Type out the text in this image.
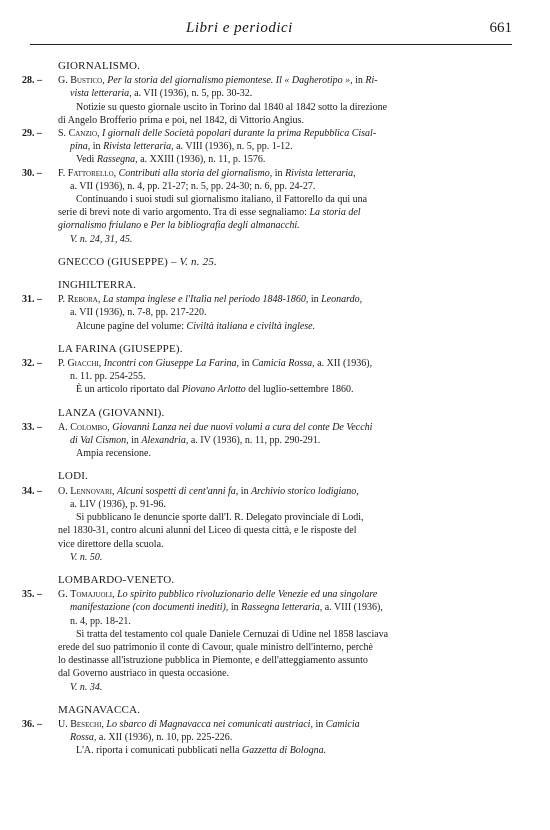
Libri e periodici	661
GIORNALISMO.
28. –	G. Bustico, Per la storia del giornalismo piemontese. Il « Dagherotipo », in Ri-
vista letteraria, a. VII (1936), n. 5, pp. 30-32.
Notizie su questo giornale uscito in Torino dal 1840 al 1842 sotto la direzione
di Angelo Brofferio prima e poi, nel 1842, di Vittorio Angius.
29. –	S. Canzio, I giornali delle Società popolari durante la prima Repubblica Cisal-
pina, in Rivista letteraria, a. VIII (1936), n. 5, pp. 1-12.
Vedi Rassegna, a. XXIII (1936), n. 11, p. 1576.
30. –	F. Fattorello, Contributi alla storia del giornalismo, in Rivista letteraria,
a. VII (1936), n. 4, pp. 21-27; n. 5, pp. 24-30; n. 6, pp. 24-27.
Continuando i suoi studi sul giornalismo italiano, il Fattorello da qui una
serie di brevi note di vario argomento. Tra di esse segnaliamo: La storia del
giornalismo friulano e Per la bibliografia degli almanacchi.
V. n. 24, 31, 45.
GNECCO (GIUSEPPE) – V. n. 25.
INGHILTERRA.
31. –	P. Rebora, La stampa inglese e l'Italia nel periodo 1848-1860, in Leonardo,
a. VII (1936), n. 7-8, pp. 217-220.
Alcune pagine del volume: Civiltà italiana e civiltà inglese.
LA FARINA (GIUSEPPE).
32. –	P. Giacchi, Incontri con Giuseppe La Farina, in Camicia Rossa, a. XII (1936),
n. 11. pp. 254-255.
È un articolo riportato dal Piovano Arlotto del luglio-settembre 1860.
LANZA (GIOVANNI).
33. –	A. Colombo, Giovanni Lanza nei due nuovi volumi a cura del conte De Vecchi
di Val Cismon, in Alexandria, a. IV (1936), n. 11, pp. 290-291.
Ampia recensione.
LODI.
34. –	O. Lennovari, Alcuni sospetti di cent'anni fa, in Archivio storico lodigiano,
a. LIV (1936), p. 91-96.
Si pubblicano le denuncie sporte dall'I. R. Delegato provinciale di Lodi,
nel 1830-31, contro alcuni alunni del Liceo di questa città, e le risposte del
vice direttore della scuola.
V. n. 50.
LOMBARDO-VENETO.
35. –	G. Tomajuoli, Lo spirito pubblico rivoluzionario delle Venezie ed una singolare
manifestazione (con documenti inediti), in Rassegna letteraria, a. VIII (1936),
n. 4, pp. 18-21.
Si tratta del testamento col quale Daniele Cernuzai di Udine nel 1858 lasciava
erede del suo patrimonio il conte di Cavour, quale ministro dell'interno, perchè
lo destinasse all'istruzione pubblica in Piemonte, e dell'atteggiamento assunto
dal Governo austriaco in questa occasione.
V. n. 34.
MAGNAVACCA.
36. –	U. Besechi, Lo sbarco di Magnavacca nei comunicati austriaci, in Camicia
Rossa, a. XII (1936), n. 10, pp. 225-226.
L'A. riporta i comunicati pubblicati nella Gazzetta di Bologna.
